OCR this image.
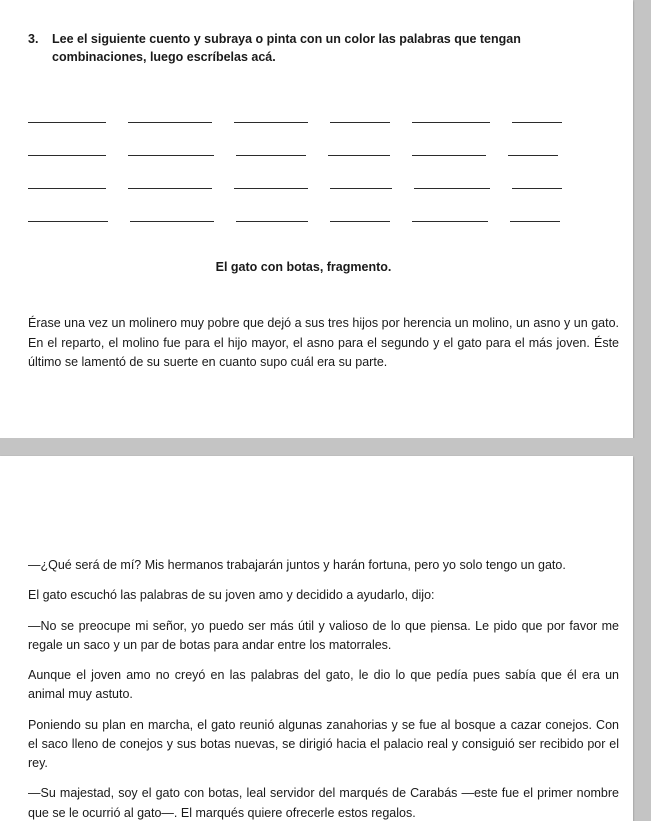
3.	Lee el siguiente cuento y subraya o pinta con un color las palabras que tengan combinaciones, luego escríbelas acá.
El gato con botas, fragmento.

Érase una vez un molinero muy pobre que dejó a sus tres hijos por herencia un molino, un asno y un gato. En el reparto, el molino fue para el hijo mayor, el asno para el segundo y el gato para el más joven. Éste último se lamentó de su suerte en cuanto supo cuál era su parte.

—¿Qué será de mí? Mis hermanos trabajarán juntos y harán fortuna, pero yo solo tengo un gato.

El gato escuchó las palabras de su joven amo y decidido a ayudarlo, dijo:

—No se preocupe mi señor, yo puedo ser más útil y valioso de lo que piensa. Le pido que por favor me regale un saco y un par de botas para andar entre los matorrales.

Aunque el joven amo no creyó en las palabras del gato, le dio lo que pedía pues sabía que él era un animal muy astuto.

Poniendo su plan en marcha, el gato reunió algunas zanahorias y se fue al bosque a cazar conejos. Con el saco lleno de conejos y sus botas nuevas, se dirigió hacia el palacio real y consiguió ser recibido por el rey.

—Su majestad, soy el gato con botas, leal servidor del marqués de Carabás —este fue el primer nombre que se le ocurrió al gato—. El marqués quiere ofrecerle estos regalos.
